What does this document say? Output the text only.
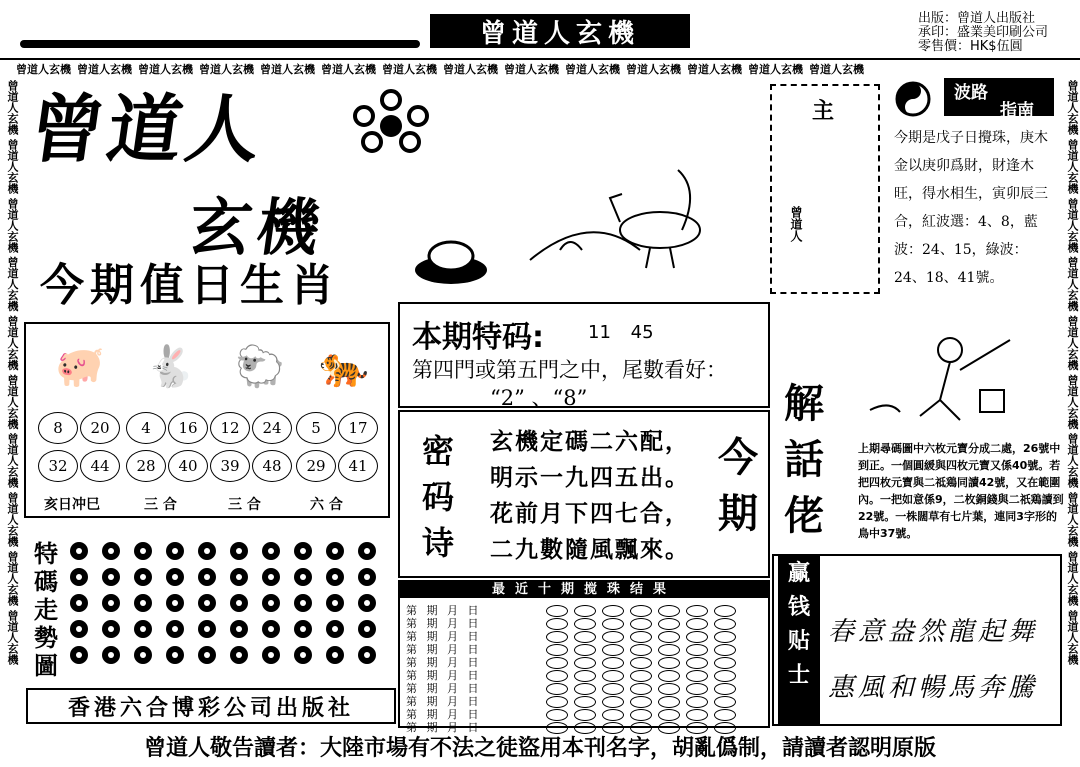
曾道人玄機	出版：曾道人出版社
承印：盛業美印刷公司
零售價：HK$伍圓
曾道人玄機 曾道人玄機 曾道人玄機 曾道人玄機 曾道人玄機 曾道人玄機 曾道人玄機 曾道人玄機 曾道人玄機 曾道人玄機 曾道人玄機 曾道人玄機 曾道人玄機 曾道人玄機
曾道人玄機 曾道人玄機 曾道人玄機 曾道人玄機 曾道人玄機 曾道人玄機 曾道人玄機 曾道人玄機 曾道人玄機 曾道人玄機
曾道人玄機 曾道人玄機 曾道人玄機 曾道人玄機 曾道人玄機 曾道人玄機 曾道人玄機 曾道人玄機 曾道人玄機 曾道人玄機
曾道人
玄機
今期值日生肖
🐖	🐇	🐑 🐅
8	20	4	16	12	24	5	17
32	44	28	40	39	48	29	41
亥日冲巳	三 合	三 合	六 合
特碼走勢圖
香港六合博彩公司出版社
曾道人敬告讀者：大陸市場有不法之徒盜用本刊名字，胡亂僞制，請讀者認明原版
本期特码: 11 45
第四門或第五門之中，尾數看好：
“2” 、“8”
密码诗
玄機定碼二六配，
明示一九四五出。
花前月下四七合，
二九數隨風飄來。
今期
最近十期搅珠结果
第 期 月 日
第 期 月 日
第 期 月 日
第 期 月 日
第 期 月 日
第 期 月 日
第 期 月 日
第 期 月 日
第 期 月 日
第 期 月 日
主
曾道人
波路
指南
今期是戊子日攪珠，庚木金以庚卯爲財，財逢木旺，得水相生，寅卯辰三合，紅波選：4、8，藍波：24、15，綠波：24、18、41號。
解話佬
上期尋碼圖中六枚元寶分成二處，26號中到正。一個圓緩與四枚元寶又係40號。若把四枚元寶與二祗鶏同讀42號，又在範圍內。一把如意係9，二枚銅錢與二祇鶏讀到22號。一株闊草有七片葉，連同3字形的鳥中37號。
赢钱贴士
春意盎然龍起舞
惠風和暢馬奔騰
